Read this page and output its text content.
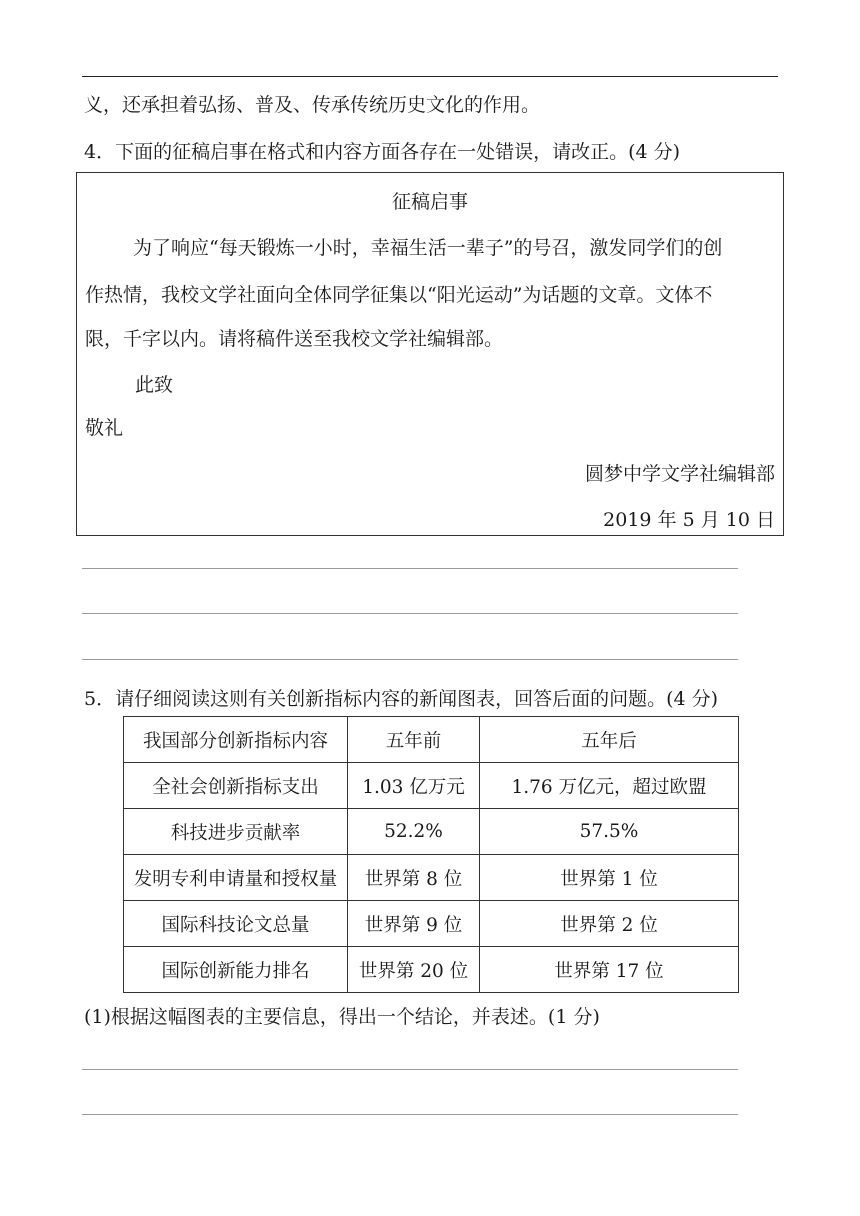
义，还承担着弘扬、普及、传承传统历史文化的作用。
4．下面的征稿启事在格式和内容方面各存在一处错误，请改正。(4 分)
征稿启事
为了响应“每天锻炼一小时，幸福生活一辈子”的号召，激发同学们的创
作热情，我校文学社面向全体同学征集以“阳光运动”为话题的文章。文体不
限，千字以内。请将稿件送至我校文学社编辑部。
此致
敬礼
圆梦中学文学社编辑部
2019 年 5 月 10 日
5．请仔细阅读这则有关创新指标内容的新闻图表，回答后面的问题。(4 分)
我国部分创新指标内容	五年前	五年后
全社会创新指标支出	1.03 亿万元	1.76 万亿元，超过欧盟
科技进步贡献率	52.2%	57.5%
发明专利申请量和授权量	世界第 8 位	世界第 1 位
国际科技论文总量	世界第 9 位	世界第 2 位
国际创新能力排名	世界第 20 位	世界第 17 位
(1)根据这幅图表的主要信息，得出一个结论，并表述。(1 分)
